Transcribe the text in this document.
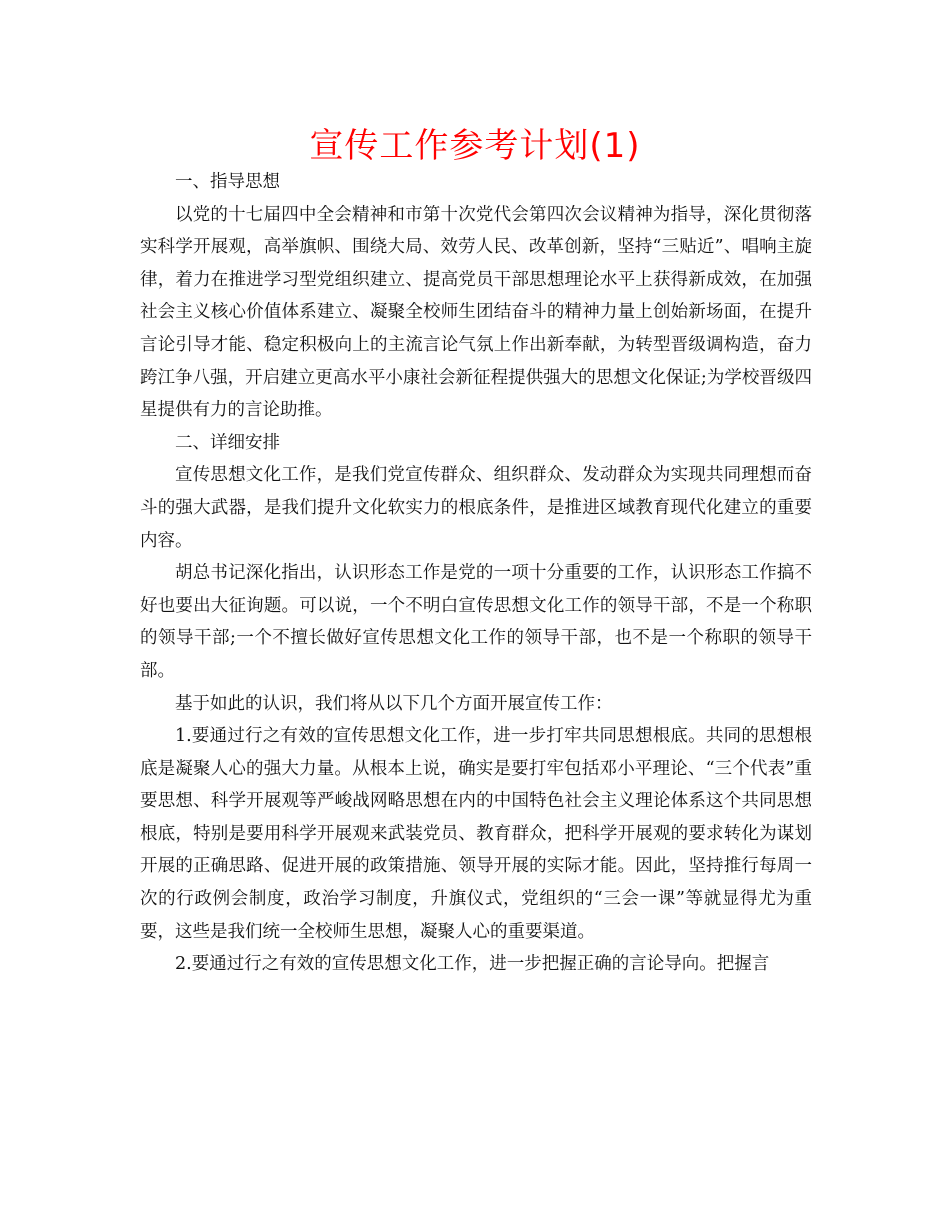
宣传工作参考计划(1)

一、指导思想

以党的十七届四中全会精神和市第十次党代会第四次会议精神为指导，深化贯彻落实科学开展观，高举旗帜、围绕大局、效劳人民、改革创新，坚持“三贴近”、唱响主旋律，着力在推进学习型党组织建立、提高党员干部思想理论水平上获得新成效，在加强社会主义核心价值体系建立、凝聚全校师生团结奋斗的精神力量上创始新场面，在提升言论引导才能、稳定积极向上的主流言论气氛上作出新奉献，为转型晋级调构造，奋力跨江争八强，开启建立更高水平小康社会新征程提供强大的思想文化保证;为学校晋级四星提供有力的言论助推。

二、详细安排

宣传思想文化工作，是我们党宣传群众、组织群众、发动群众为实现共同理想而奋斗的强大武器，是我们提升文化软实力的根底条件，是推进区域教育现代化建立的重要内容。

胡总书记深化指出，认识形态工作是党的一项十分重要的工作，认识形态工作搞不好也要出大征询题。可以说，一个不明白宣传思想文化工作的领导干部，不是一个称职的领导干部;一个不擅长做好宣传思想文化工作的领导干部，也不是一个称职的领导干部。

基于如此的认识，我们将从以下几个方面开展宣传工作：

1.要通过行之有效的宣传思想文化工作，进一步打牢共同思想根底。共同的思想根底是凝聚人心的强大力量。从根本上说，确实是要打牢包括邓小平理论、“三个代表”重要思想、科学开展观等严峻战网略思想在内的中国特色社会主义理论体系这个共同思想根底，特别是要用科学开展观来武装党员、教育群众，把科学开展观的要求转化为谋划开展的正确思路、促进开展的政策措施、领导开展的实际才能。因此，坚持推行每周一次的行政例会制度，政治学习制度，升旗仪式，党组织的“三会一课”等就显得尤为重要，这些是我们统一全校师生思想，凝聚人心的重要渠道。

2.要通过行之有效的宣传思想文化工作，进一步把握正确的言论导向。把握言
